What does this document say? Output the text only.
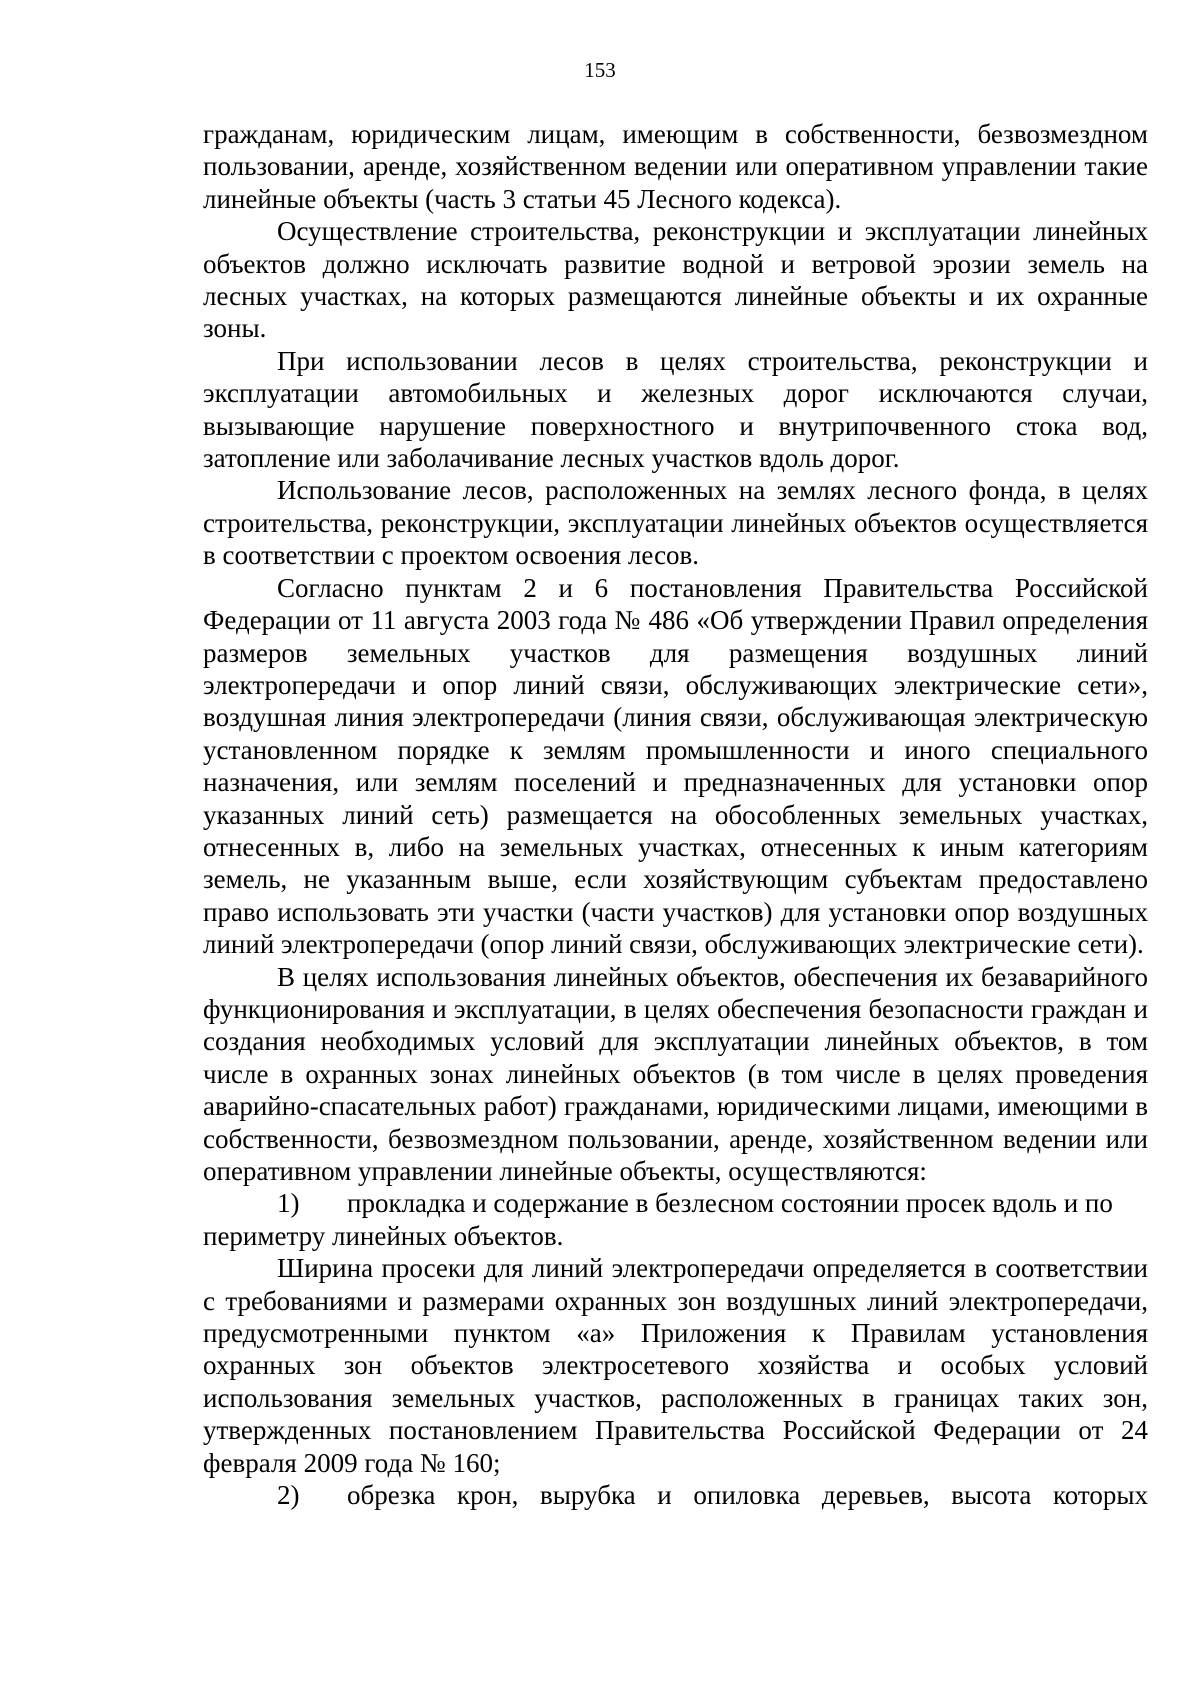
153

гражданам, юридическим лицам, имеющим в собственности, безвозмездном пользовании, аренде, хозяйственном ведении или оперативном управлении такие линейные объекты (часть 3 статьи 45 Лесного кодекса).

Осуществление строительства, реконструкции и эксплуатации линейных объектов должно исключать развитие водной и ветровой эрозии земель на лесных участках, на которых размещаются линейные объекты и их охранные зоны.

При использовании лесов в целях строительства, реконструкции и эксплуатации автомобильных и железных дорог исключаются случаи, вызывающие нарушение поверхностного и внутрипочвенного стока вод, затопление или заболачивание лесных участков вдоль дорог.

Использование лесов, расположенных на землях лесного фонда, в целях строительства, реконструкции, эксплуатации линейных объектов осуществляется в соответствии с проектом освоения лесов.

Согласно пунктам 2 и 6 постановления Правительства Российской Федерации от 11 августа 2003 года № 486 «Об утверждении Правил определения размеров земельных участков для размещения воздушных линий электропередачи и опор линий связи, обслуживающих электрические сети», воздушная линия электропередачи (линия связи, обслуживающая электрическую установленном порядке к землям промышленности и иного специального назначения, или землям поселений и предназначенных для установки опор указанных линий сеть) размещается на обособленных земельных участках, отнесенных в, либо на земельных участках, отнесенных к иным категориям земель, не указанным выше, если хозяйствующим субъектам предоставлено право использовать эти участки (части участков) для установки опор воздушных линий электропередачи (опор линий связи, обслуживающих электрические сети).

В целях использования линейных объектов, обеспечения их безаварийного функционирования и эксплуатации, в целях обеспечения безопасности граждан и создания необходимых условий для эксплуатации линейных объектов, в том числе в охранных зонах линейных объектов (в том числе в целях проведения аварийно-спасательных работ) гражданами, юридическими лицами, имеющими в собственности, безвозмездном пользовании, аренде, хозяйственном ведении или оперативном управлении линейные объекты, осуществляются:

1)	прокладка и содержание в безлесном состоянии просек вдоль и по

периметру линейных объектов.

Ширина просеки для линий электропередачи определяется в соответствии с требованиями и размерами охранных зон воздушных линий электропередачи, предусмотренными пунктом «а» Приложения к Правилам установления охранных зон объектов электросетевого хозяйства и особых условий использования земельных участков, расположенных в границах таких зон, утвержденных постановлением Правительства Российской Федерации от 24 февраля 2009 года № 160;

2)	обрезка крон, вырубка и опиловка деревьев, высота которых
